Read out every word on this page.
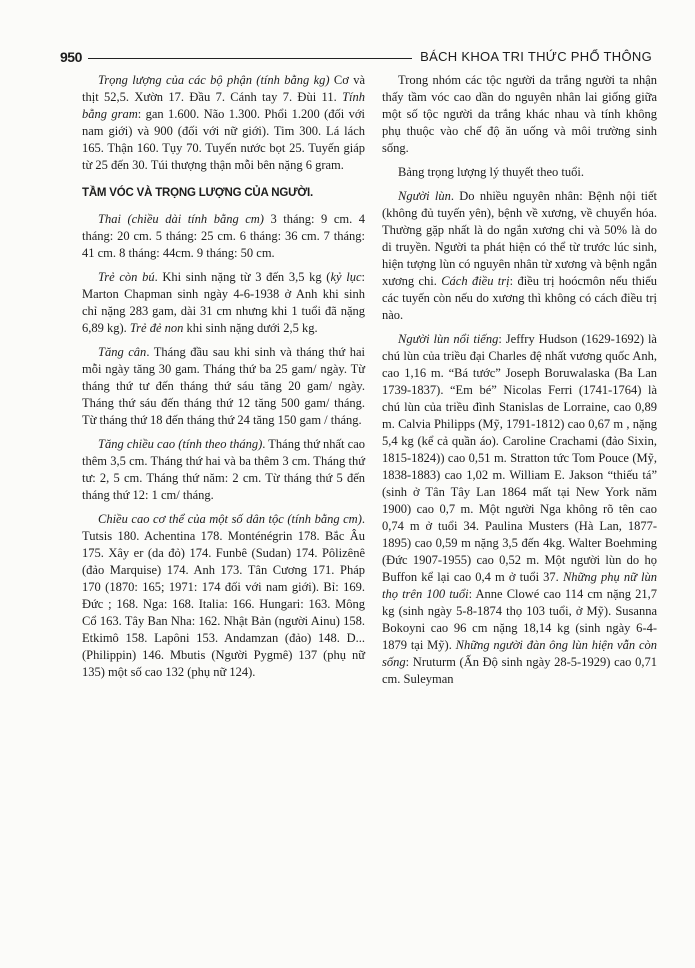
950	BÁCH KHOA TRI THỨC PHỔ THÔNG

Trọng lượng của các bộ phận (tính bằng kg) Cơ và thịt 52,5. Xườn 17. Đầu 7. Cánh tay 7. Đùi 11. Tính bằng gram: gan 1.600. Não 1.300. Phổi 1.200 (đối với nam giới) và 900 (đối với nữ giới). Tim 300. Lá lách 165. Thận 160. Tụy 70. Tuyến nước bọt 25. Tuyến giáp từ 25 đến 30. Túi thượng thận mỗi bên nặng 6 gram.

TẦM VÓC VÀ TRỌNG LƯỢNG CỦA NGƯỜI.

Thai (chiều dài tính bằng cm) 3 tháng: 9 cm. 4 tháng: 20 cm. 5 tháng: 25 cm. 6 tháng: 36 cm. 7 tháng: 41 cm. 8 tháng: 44cm. 9 tháng: 50 cm.

Trẻ còn bú. Khi sinh nặng từ 3 đến 3,5 kg (kỷ lục: Marton Chapman sinh ngày 4-6-1938 ở Anh khi sinh chỉ nặng 283 gam, dài 31 cm nhưng khi 1 tuổi đã nặng 6,89 kg). Trẻ đẻ non khi sinh nặng dưới 2,5 kg.

Tăng cân. Tháng đầu sau khi sinh và tháng thứ hai mỗi ngày tăng 30 gam. Tháng thứ ba 25 gam/ ngày. Từ tháng thứ tư đến tháng thứ sáu tăng 20 gam/ ngày. Tháng thứ sáu đến tháng thứ 12 tăng 500 gam/ tháng. Từ tháng thứ 18 đến tháng thứ 24 tăng 150 gam / tháng.

Tăng chiều cao (tính theo tháng). Tháng thứ nhất cao thêm 3,5 cm. Tháng thứ hai và ba thêm 3 cm. Tháng thứ tư: 2, 5 cm. Tháng thứ năm: 2 cm. Từ tháng thứ 5 đến tháng thứ 12: 1 cm/ tháng.

Chiều cao cơ thể của một số dân tộc (tính bằng cm). Tutsis 180. Achentina 178. Monténégrin 178. Bắc Âu 175. Xây er (da đỏ) 174. Funbê (Sudan) 174. Pôlizênê (đảo Marquise) 174. Anh 173. Tân Cương 171. Pháp 170 (1870: 165; 1971: 174 đối với nam giới). Bỉ: 169. Đức ; 168. Nga: 168. Italia: 166. Hungari: 163. Mông Cổ 163. Tây Ban Nha: 162. Nhật Bản (người Ainu) 158. Etkimô 158. Lapôni 153. Andamzan (đảo) 148. D... (Philippin) 146. Mbutis (Người Pygmê) 137 (phụ nữ 135) một số cao 132 (phụ nữ 124).

Trong nhóm các tộc người da trắng người ta nhận thấy tầm vóc cao dần do nguyên nhân lai giống giữa một số tộc người da trắng khác nhau và tính không phụ thuộc vào chế độ ăn uống và môi trường sinh sống.

Bảng trọng lượng lý thuyết theo tuổi.

Người lùn. Do nhiều nguyên nhân: Bệnh nội tiết (không đủ tuyến yên), bệnh về xương, về chuyển hóa. Thường gặp nhất là do ngắn xương chi và 50% là do di truyền. Người ta phát hiện có thể từ trước lúc sinh, hiện tượng lùn có nguyên nhân từ xương và bệnh ngắn xương chi. Cách điều trị: điều trị hoócmôn nếu thiếu các tuyến còn nếu do xương thì không có cách điều trị nào.

Người lùn nổi tiếng: Jeffry Hudson (1629-1692) là chú lùn của triều đại Charles đệ nhất vương quốc Anh, cao 1,16 m. “Bá tước” Joseph Boruwalaska (Ba Lan 1739-1837). “Em bé” Nicolas Ferri (1741-1764) là chú lùn của triều đình Stanislas de Lorraine, cao 0,89 m. Calvia Philipps (Mỹ, 1791-1812) cao 0,67 m , nặng 5,4 kg (kể cả quần áo). Caroline Crachami (đảo Sixin, 1815-1824)) cao 0,51 m. Stratton tức Tom Pouce (Mỹ, 1838-1883) cao 1,02 m. William E. Jakson “thiếu tá” (sinh ở Tân Tây Lan 1864 mất tại New York năm 1900) cao 0,7 m. Một người Nga không rõ tên cao 0,74 m ở tuổi 34. Paulina Musters (Hà Lan, 1877-1895) cao 0,59 m nặng 3,5 đến 4kg. Walter Boehming (Đức 1907-1955) cao 0,52 m. Một người lùn do họ Buffon kể lại cao 0,4 m ở tuổi 37. Những phụ nữ lùn thọ trên 100 tuổi: Anne Clowé cao 114 cm nặng 21,7 kg (sinh ngày 5-8-1874 thọ 103 tuổi, ở Mỹ). Susanna Bokoyni cao 96 cm nặng 18,14 kg (sinh ngày 6-4-1879 tại Mỹ). Những người đàn ông lùn hiện vẫn còn sống: Nruturm (Ấn Độ sinh ngày 28-5-1929) cao 0,71 cm. Suleyman
